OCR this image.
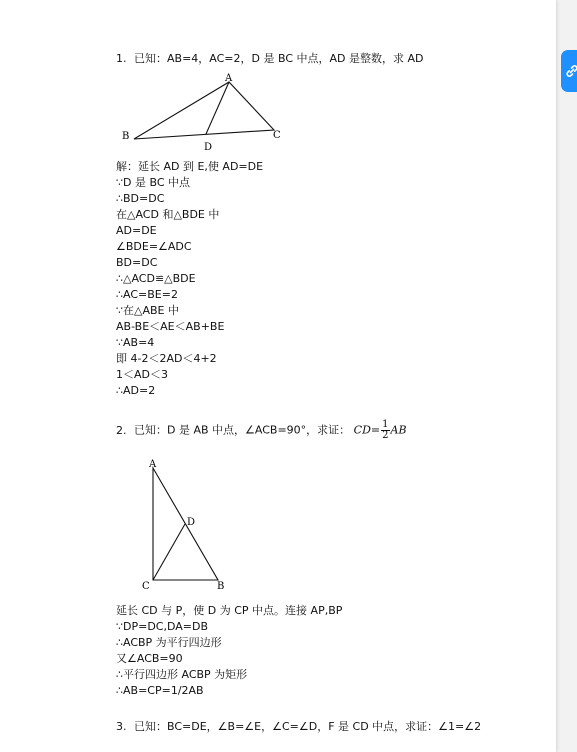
1. 已知：AB=4，AC=2，D 是 BC 中点，AD 是整数，求 AD
A
B	C
D
解：延长 AD 到 E,使 AD=DE
∵D 是 BC 中点
∴BD=DC
在△ACD 和△BDE 中
AD=DE
∠BDE=∠ADC
BD=DC
∴△ACD≌△BDE
∴AC=BE=2
∵在△ABE 中
AB-BE＜AE＜AB+BE
∵AB=4
即 4-2＜2AD＜4+2
1＜AD＜3
∴AD=2
2. 已知：D 是 AB 中点，∠ACB=90°，求证： $CD= \frac{1}{2}$ AB
A
D
C	B
延长 CD 与 P，使 D 为 CP 中点。连接 AP,BP
∵DP=DC,DA=DB
∴ACBP 为平行四边形
又∠ACB=90
∴平行四边形 ACBP 为矩形
∴AB=CP=1/2AB
3. 已知：BC=DE，∠B=∠E，∠C=∠D，F 是 CD 中点，求证：∠1=∠2
